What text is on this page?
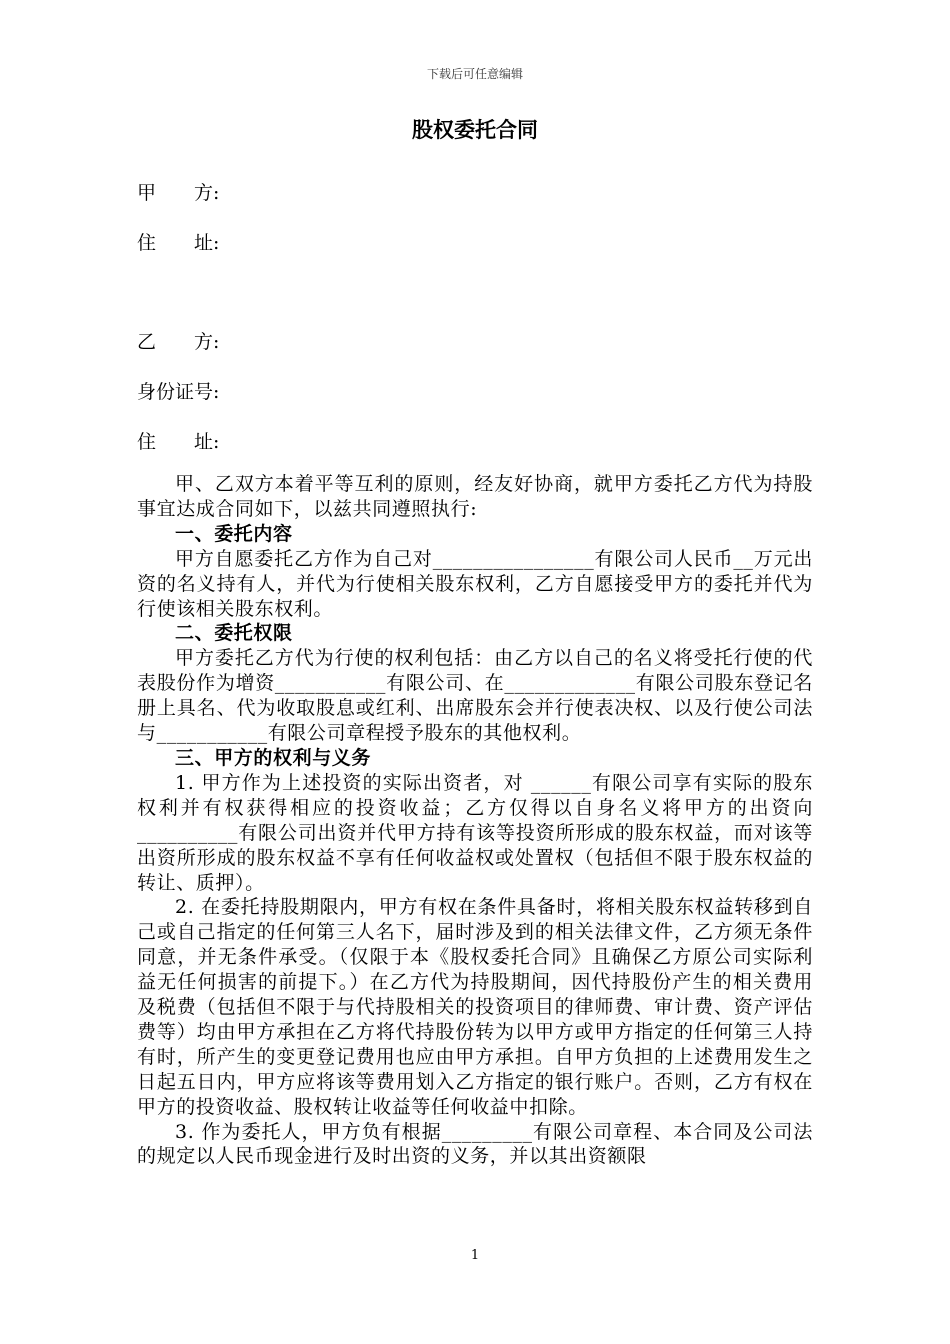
下载后可任意编辑
股权委托合同
甲　　方:
住　　址:
乙　　方:
身份证号:
住　　址:

甲、乙双方本着平等互利的原则，经友好协商，就甲方委托乙方代为持股事宜达成合同如下，以兹共同遵照执行:

一、委托内容

甲方自愿委托乙方作为自己对________________有限公司人民币__万元出资的名义持有人，并代为行使相关股东权利，乙方自愿接受甲方的委托并代为行使该相关股东权利。

二、委托权限

甲方委托乙方代为行使的权利包括：由乙方以自己的名义将受托行使的代表股份作为增资___________有限公司、在_____________有限公司股东登记名册上具名、代为收取股息或红利、出席股东会并行使表决权、以及行使公司法与___________有限公司章程授予股东的其他权利。

三、甲方的权利与义务

1. 甲方作为上述投资的实际出资者，对 ______有限公司享有实际的股东权利并有权获得相应的投资收益；乙方仅得以自身名义将甲方的出资向__________有限公司出资并代甲方持有该等投资所形成的股东权益，而对该等出资所形成的股东权益不享有任何收益权或处置权（包括但不限于股东权益的转让、质押）。

2. 在委托持股期限内，甲方有权在条件具备时，将相关股东权益转移到自己或自己指定的任何第三人名下，届时涉及到的相关法律文件，乙方须无条件同意，并无条件承受。（仅限于本《股权委托合同》且确保乙方原公司实际利益无任何损害的前提下。）在乙方代为持股期间，因代持股份产生的相关费用及税费（包括但不限于与代持股相关的投资项目的律师费、审计费、资产评估费等）均由甲方承担在乙方将代持股份转为以甲方或甲方指定的任何第三人持有时，所产生的变更登记费用也应由甲方承担。自甲方负担的上述费用发生之日起五日内，甲方应将该等费用划入乙方指定的银行账户。否则，乙方有权在甲方的投资收益、股权转让收益等任何收益中扣除。

3. 作为委托人，甲方负有根据_________有限公司章程、本合同及公司法的规定以人民币现金进行及时出资的义务，并以其出资额限

1
